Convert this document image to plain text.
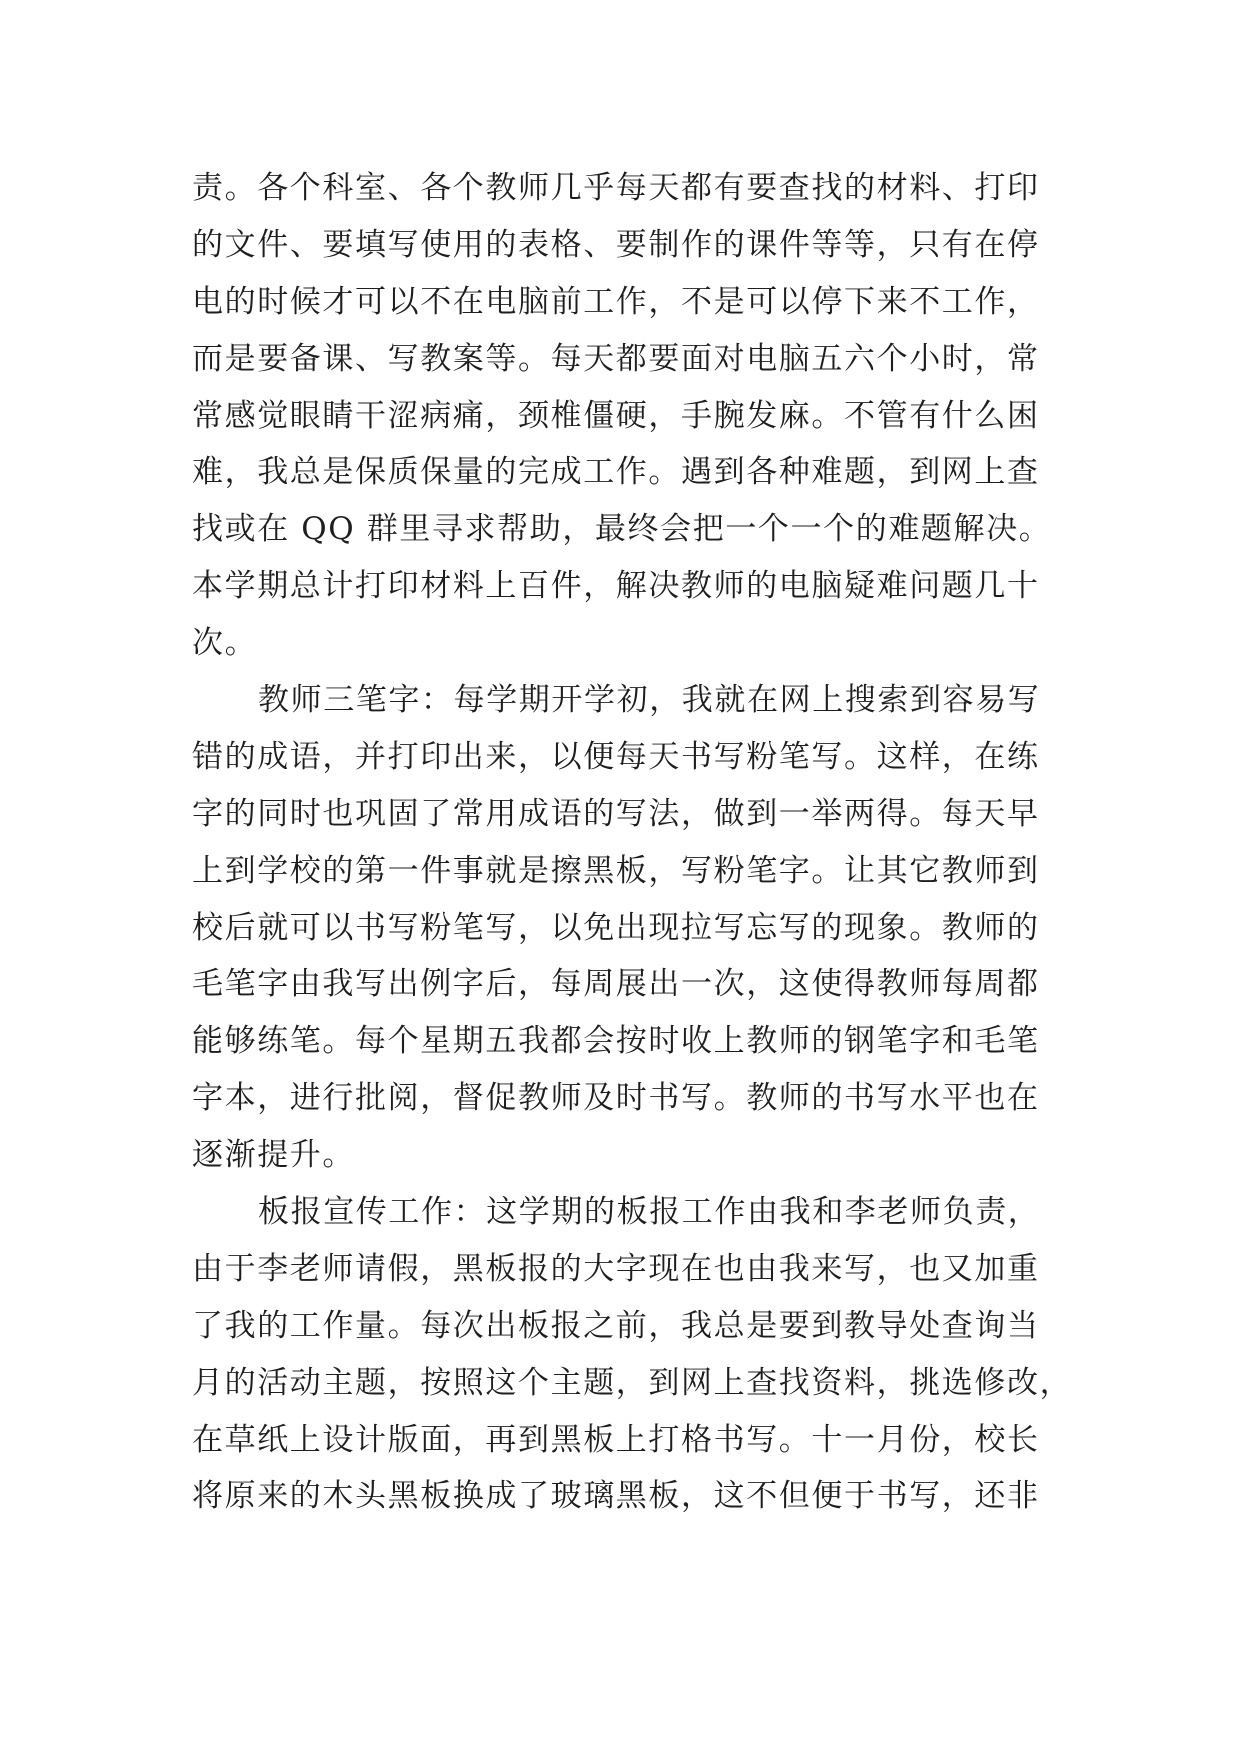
责。各个科室、各个教师几乎每天都有要查找的材料、打印
的文件、要填写使用的表格、要制作的课件等等，只有在停
电的时候才可以不在电脑前工作，不是可以停下来不工作，
而是要备课、写教案等。每天都要面对电脑五六个小时，常
常感觉眼睛干涩病痛，颈椎僵硬，手腕发麻。不管有什么困
难，我总是保质保量的完成工作。遇到各种难题，到网上查
找或在 QQ 群里寻求帮助，最终会把一个一个的难题解决。
本学期总计打印材料上百件，解决教师的电脑疑难问题几十
次。
教师三笔字：每学期开学初，我就在网上搜索到容易写
错的成语，并打印出来，以便每天书写粉笔写。这样，在练
字的同时也巩固了常用成语的写法，做到一举两得。每天早
上到学校的第一件事就是擦黑板，写粉笔字。让其它教师到
校后就可以书写粉笔写，以免出现拉写忘写的现象。教师的
毛笔字由我写出例字后，每周展出一次，这使得教师每周都
能够练笔。每个星期五我都会按时收上教师的钢笔字和毛笔
字本，进行批阅，督促教师及时书写。教师的书写水平也在
逐渐提升。
板报宣传工作：这学期的板报工作由我和李老师负责，
由于李老师请假，黑板报的大字现在也由我来写，也又加重
了我的工作量。每次出板报之前，我总是要到教导处查询当
月的活动主题，按照这个主题，到网上查找资料，挑选修改，
在草纸上设计版面，再到黑板上打格书写。十一月份，校长
将原来的木头黑板换成了玻璃黑板，这不但便于书写，还非
